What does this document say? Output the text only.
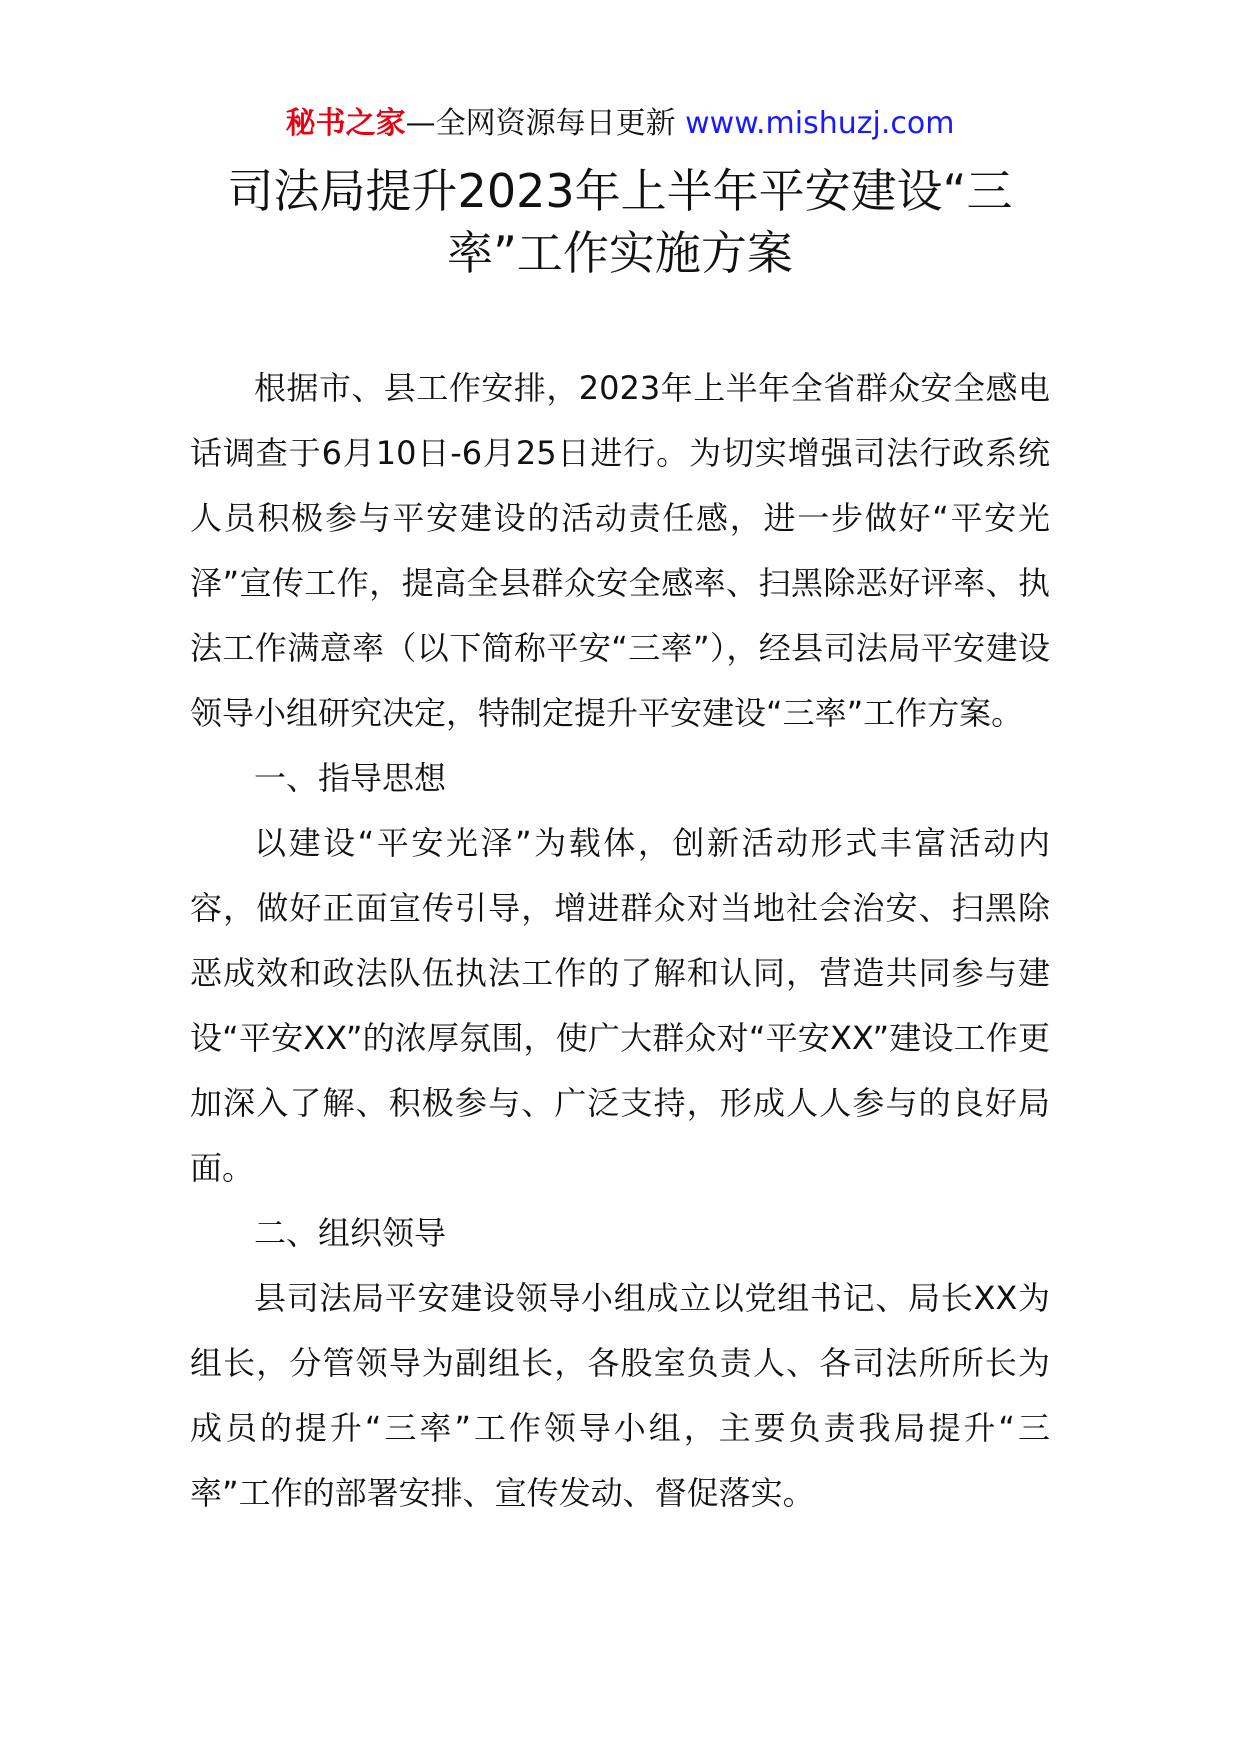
秘书之家—全网资源每日更新 www.mishuzj.com
司法局提升2023年上半年平安建设“三率”工作实施方案

根据市、县工作安排，2023年上半年全省群众安全感电话调查于6月10日-6月25日进行。为切实增强司法行政系统人员积极参与平安建设的活动责任感，进一步做好“平安光泽”宣传工作，提高全县群众安全感率、扫黑除恶好评率、执法工作满意率（以下简称平安“三率”），经县司法局平安建设领导小组研究决定，特制定提升平安建设“三率”工作方案。

一、指导思想

以建设“平安光泽”为载体，创新活动形式丰富活动内容，做好正面宣传引导，增进群众对当地社会治安、扫黑除恶成效和政法队伍执法工作的了解和认同，营造共同参与建设“平安XX”的浓厚氛围，使广大群众对“平安XX”建设工作更加深入了解、积极参与、广泛支持，形成人人参与的良好局面。

二、组织领导

县司法局平安建设领导小组成立以党组书记、局长XX为组长，分管领导为副组长，各股室负责人、各司法所所长为成员的提升“三率”工作领导小组，主要负责我局提升“三率”工作的部署安排、宣传发动、督促落实。
